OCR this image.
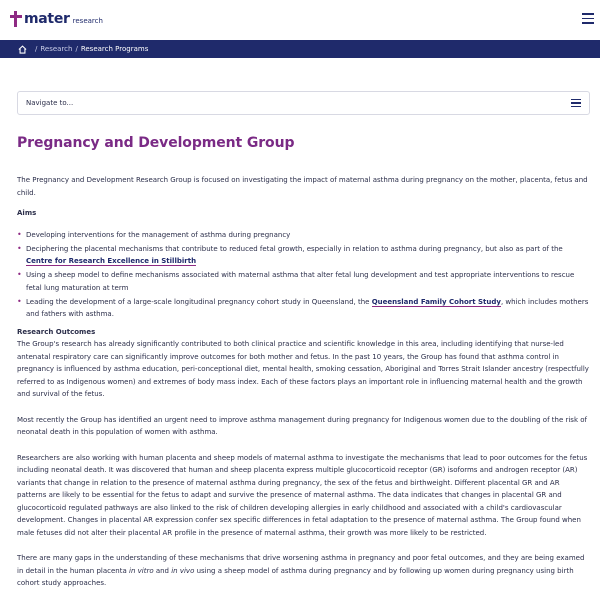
mater research
/ Research / Research Programs
Navigate to...
Pregnancy and Development Group

The Pregnancy and Development Research Group is focused on investigating the impact of maternal asthma during pregnancy on the mother, placenta, fetus and child.

Aims

• Developing interventions for the management of asthma during pregnancy
• Deciphering the placental mechanisms that contribute to reduced fetal growth, especially in relation to asthma during pregnancy, but also as part of the Centre for Research Excellence in Stillbirth
• Using a sheep model to define mechanisms associated with maternal asthma that alter fetal lung development and test appropriate interventions to rescue fetal lung maturation at term
• Leading the development of a large-scale longitudinal pregnancy cohort study in Queensland, the Queensland Family Cohort Study, which includes mothers and fathers with asthma.

Research Outcomes

The Group's research has already significantly contributed to both clinical practice and scientific knowledge in this area, including identifying that nurse-led antenatal respiratory care can significantly improve outcomes for both mother and fetus. In the past 10 years, the Group has found that asthma control in pregnancy is influenced by asthma education, peri-conceptional diet, mental health, smoking cessation, Aboriginal and Torres Strait Islander ancestry (respectfully referred to as Indigenous women) and extremes of body mass index. Each of these factors plays an important role in influencing maternal health and the growth and survival of the fetus.

Most recently the Group has identified an urgent need to improve asthma management during pregnancy for Indigenous women due to the doubling of the risk of neonatal death in this population of women with asthma.

Researchers are also working with human placenta and sheep models of maternal asthma to investigate the mechanisms that lead to poor outcomes for the fetus including neonatal death. It was discovered that human and sheep placenta express multiple glucocorticoid receptor (GR) isoforms and androgen receptor (AR) variants that change in relation to the presence of maternal asthma during pregnancy, the sex of the fetus and birthweight. Different placental GR and AR patterns are likely to be essential for the fetus to adapt and survive the presence of maternal asthma. The data indicates that changes in placental GR and glucocorticoid regulated pathways are also linked to the risk of children developing allergies in early childhood and associated with a child's cardiovascular development. Changes in placental AR expression confer sex specific differences in fetal adaptation to the presence of maternal asthma. The Group found when male fetuses did not alter their placental AR profile in the presence of maternal asthma, their growth was more likely to be restricted.

There are many gaps in the understanding of these mechanisms that drive worsening asthma in pregnancy and poor fetal outcomes, and they are being examed in detail in the human placenta in vitro and in vivo using a sheep model of asthma during pregnancy and by following up women during pregnancy using birth cohort study approaches.
